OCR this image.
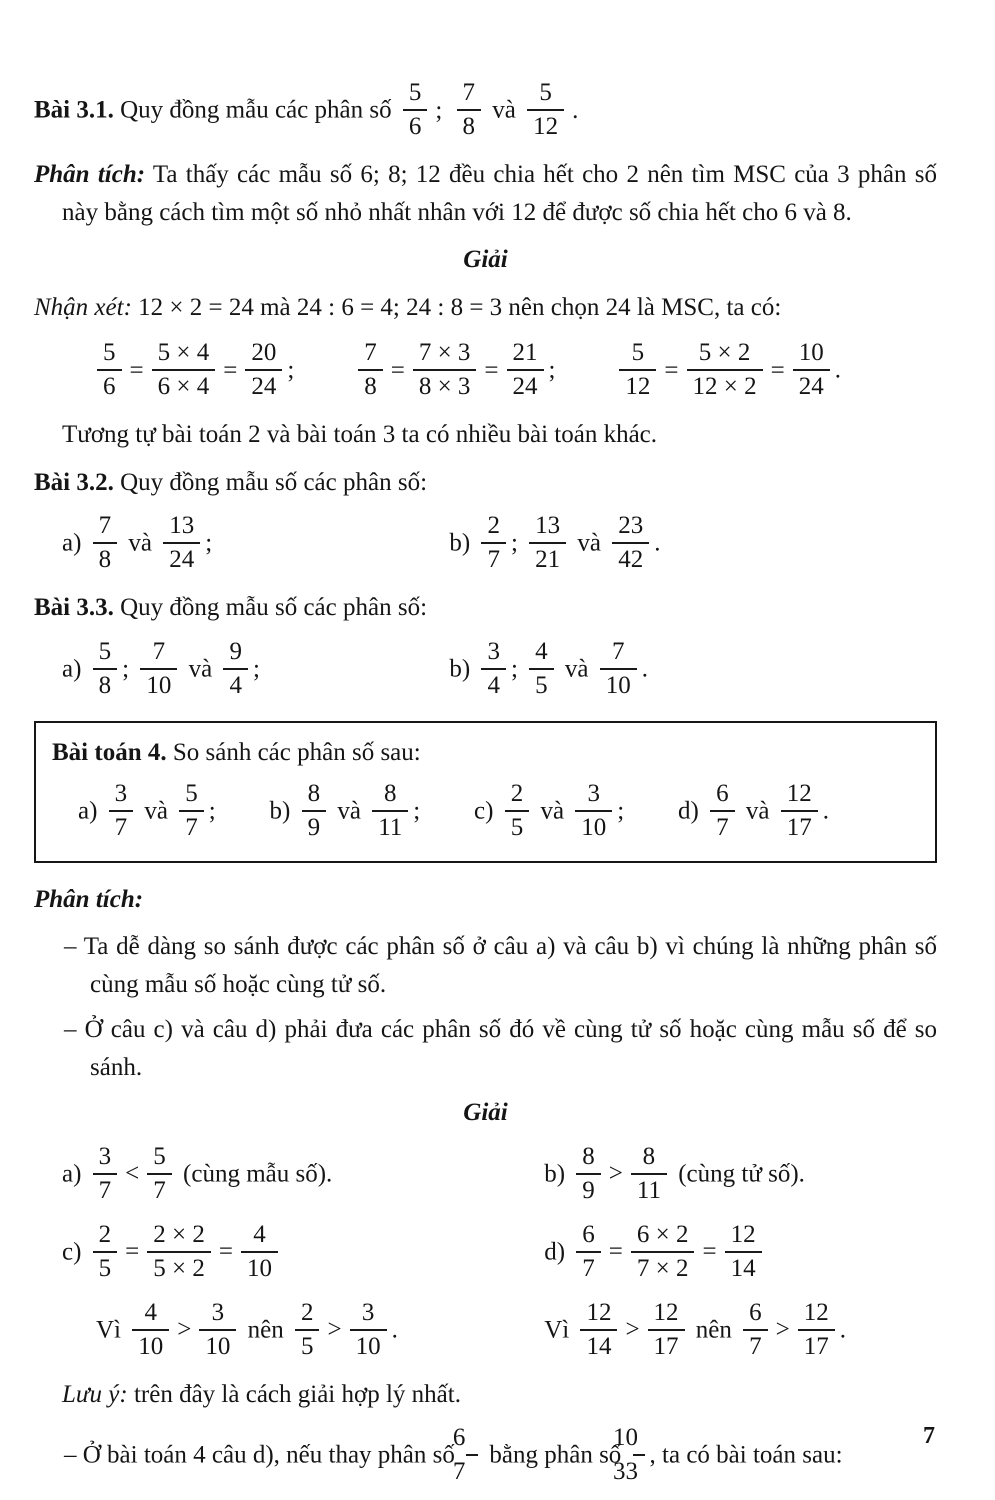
Bài 3.1. Quy đồng mẫu các phân số $\frac{5}{6}$ ; $\frac{7}{8}$ và $\frac{5}{12}$ .

Phân tích: Ta thấy các mẫu số 6; 8; 12 đều chia hết cho 2 nên tìm MSC của 3 phân số này bằng cách tìm một số nhỏ nhất nhân với 12 để được số chia hết cho 6 và 8.

Giải

Nhận xét: 12 × 2 = 24 mà 24 : 6 = 4; 24 : 8 = 3 nên chọn 24 là MSC, ta có:

$\frac{5}{6} = \frac{5 \times 4}{6 \times 4} = \frac{20}{24}$ ;	$\frac{7}{8} = \frac{7 \times 3}{8 \times 3} = \frac{21}{24}$ ;	$\frac{5}{12} = \frac{5 \times 2}{12 \times 2} = \frac{10}{24}$ .

Tương tự bài toán 2 và bài toán 3 ta có nhiều bài toán khác.

Bài 3.2. Quy đồng mẫu số các phân số:

$a) \frac{7}{8}$ và $\frac{13}{24}$ ;	$b) \frac{2}{7}$ ; $\frac{13}{21}$ và $\frac{23}{42}$ .

Bài 3.3. Quy đồng mẫu số các phân số:

$a) \frac{5}{8}$ ; $\frac{7}{10}$ và $\frac{9}{4}$ ;	$b) \frac{3}{4}$ ; $\frac{4}{5}$ và $\frac{7}{10}$ .

Bài toán 4. So sánh các phân số sau:

$a) \frac{3}{7}$ và $\frac{5}{7}$ ; $b) \frac{8}{9}$ và $\frac{8}{11}$ ; $c) \frac{2}{5}$ và $\frac{3}{10}$ ; $d) \frac{6}{7}$ và $\frac{12}{17}$ .

Phân tích:

– Ta dễ dàng so sánh được các phân số ở câu a) và câu b) vì chúng là những phân số cùng mẫu số hoặc cùng tử số.

– Ở câu c) và câu d) phải đưa các phân số đó về cùng tử số hoặc cùng mẫu số để so sánh.

Giải

$a) \frac{3}{7} < \frac{5}{7}$ (cùng mẫu số).	$b) \frac{8}{9} > \frac{8}{11}$ (cùng tử số).
$c) \frac{2}{5} = \frac{2 \times 2}{5 \times 2} = \frac{4}{10}$	$d) \frac{6}{7} = \frac{6 \times 2}{7 \times 2} = \frac{12}{14}$
Vì $\frac{4}{10} > \frac{3}{10}$ nên $\frac{2}{5} > \frac{3}{10}$ .	Vì $\frac{12}{14} > \frac{12}{17}$ nên $\frac{6}{7} > \frac{12}{17}$ .

Lưu ý: trên đây là cách giải hợp lý nhất.

– Ở bài toán 4 câu d), nếu thay phân số $\frac{6}{7}$ bằng phân số $\frac{10}{33}$ , ta có bài toán sau:

7
